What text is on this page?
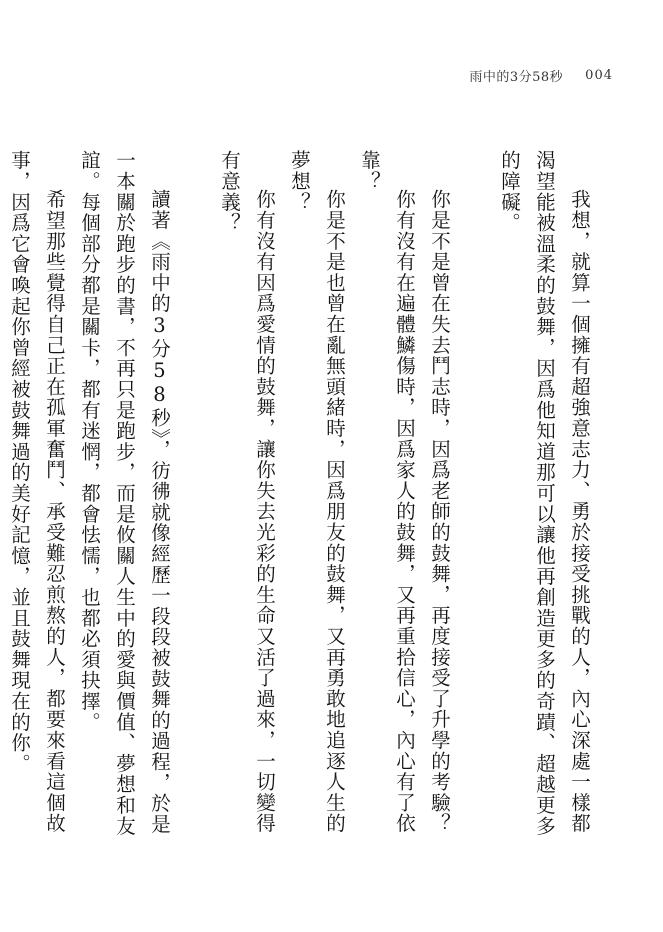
雨中的3分58秒 004

我想，就算一個擁有超強意志力、勇於接受挑戰的人，內心深處一樣都渴望能被溫柔的鼓舞，因爲他知道那可以讓他再創造更多的奇蹟、超越更多的障礙。

你是不是曾在失去鬥志時，因爲老師的鼓舞，再度接受了升學的考驗？

你有沒有在遍體鱗傷時，因爲家人的鼓舞，又再重拾信心，內心有了依靠？

你是不是也曾在亂無頭緒時，因爲朋友的鼓舞，又再勇敢地追逐人生的夢想？

你有沒有因爲愛情的鼓舞，讓你失去光彩的生命又活了過來，一切變得有意義？

讀著《雨中的3分58秒》，彷彿就像經歷一段段被鼓舞的過程，於是一本關於跑步的書，不再只是跑步，而是攸關人生中的愛與價值、夢想和友誼。每個部分都是關卡，都有迷惘，都會怯懦，也都必須抉擇。

希望那些覺得自己正在孤軍奮鬥、承受難忍煎熬的人，都要來看這個故事，因爲它會喚起你曾經被鼓舞過的美好記憶，並且鼓舞現在的你。
